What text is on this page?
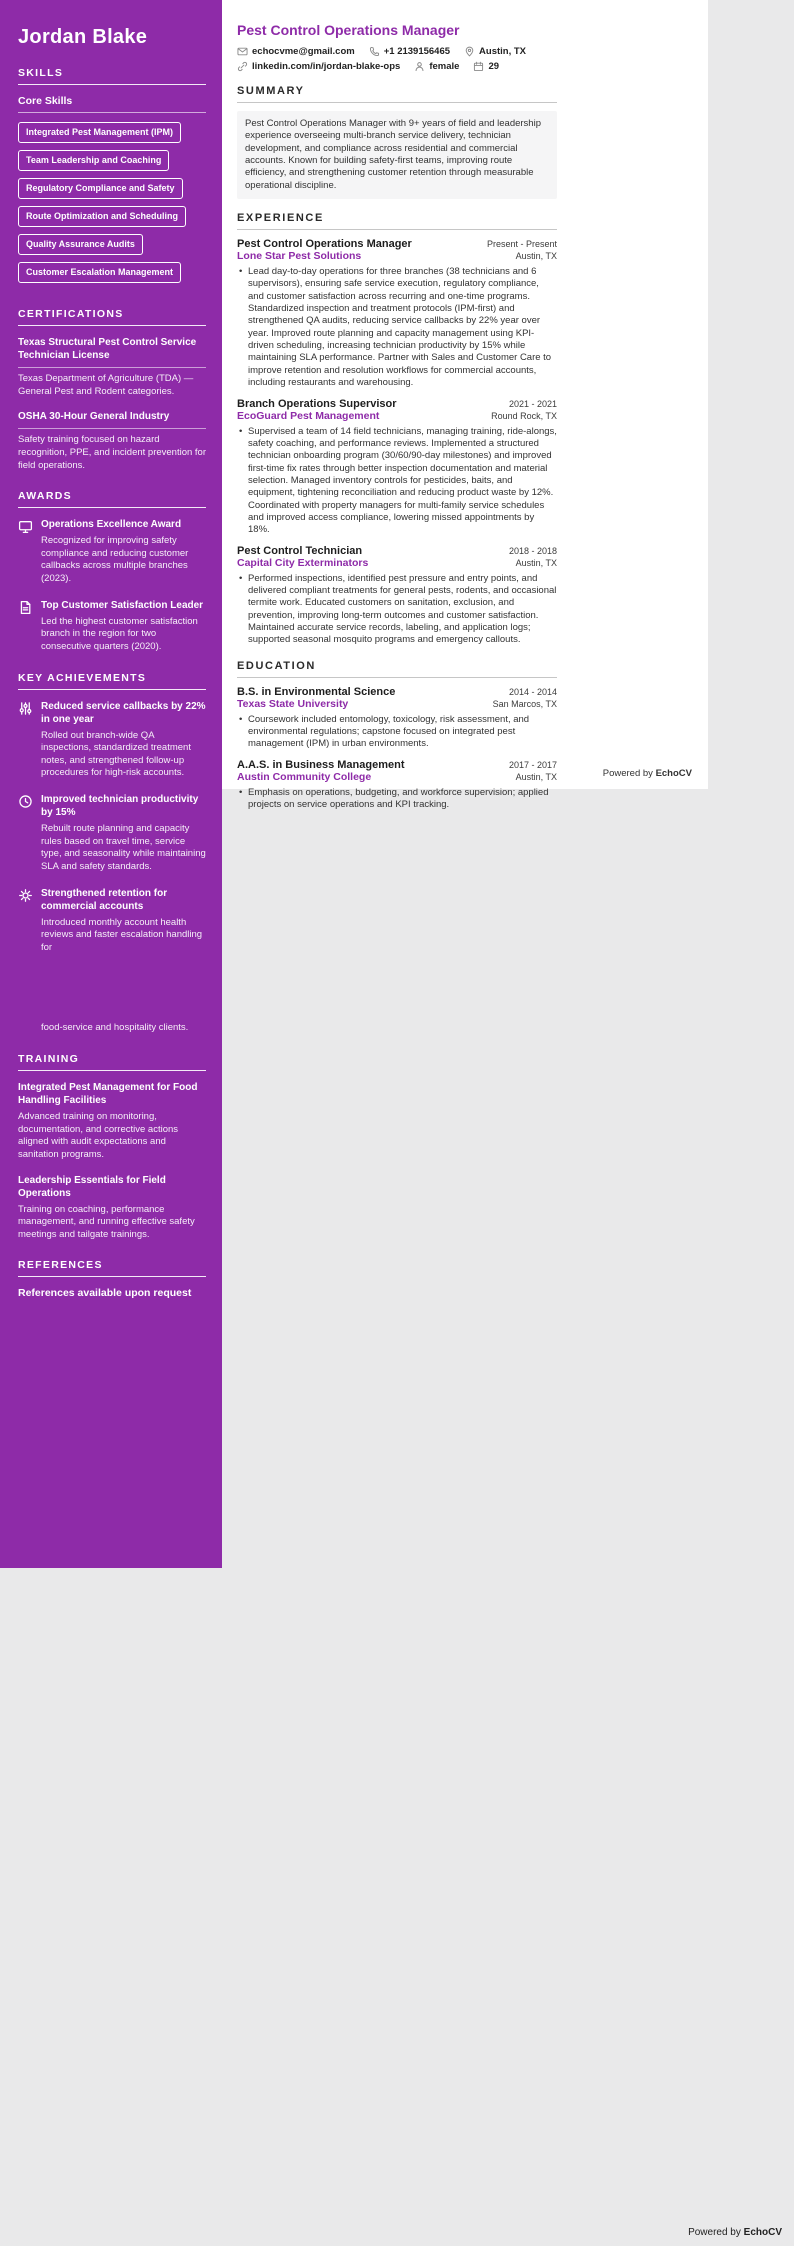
Jordan Blake
SKILLS
Core Skills
Integrated Pest Management (IPM) Team Leadership and Coaching Regulatory Compliance and Safety Route Optimization and Scheduling Quality Assurance Audits Customer Escalation Management
CERTIFICATIONS
Texas Structural Pest Control Service Technician License
Texas Department of Agriculture (TDA) — General Pest and Rodent categories.
OSHA 30-Hour General Industry
Safety training focused on hazard recognition, PPE, and incident prevention for field operations.
AWARDS
Operations Excellence Award
Recognized for improving safety compliance and reducing customer callbacks across multiple branches (2023).
Top Customer Satisfaction Leader
Led the highest customer satisfaction branch in the region for two consecutive quarters (2020).
KEY ACHIEVEMENTS
Reduced service callbacks by 22% in one year
Rolled out branch-wide QA inspections, standardized treatment notes, and strengthened follow-up procedures for high-risk accounts.
Improved technician productivity by 15%
Rebuilt route planning and capacity rules based on travel time, service type, and seasonality while maintaining SLA and safety standards.
Strengthened retention for commercial accounts
Introduced monthly account health reviews and faster escalation handling for
food-service and hospitality clients.
TRAINING
Integrated Pest Management for Food Handling Facilities
Advanced training on monitoring, documentation, and corrective actions aligned with audit expectations and sanitation programs.
Leadership Essentials for Field Operations
Training on coaching, performance management, and running effective safety meetings and tailgate trainings.
REFERENCES
References available upon request
Pest Control Operations Manager
echocvme@gmail.com	+1 2139156465	Austin, TX
linkedin.com/in/jordan-blake-ops	female	29
SUMMARY

Pest Control Operations Manager with 9+ years of field and leadership experience overseeing multi-branch service delivery, technician development, and compliance across residential and commercial accounts. Known for building safety-first teams, improving route efficiency, and strengthening customer retention through measurable operational discipline.

EXPERIENCE
Pest Control Operations Manager	Present - Present
Lone Star Pest Solutions	Austin, TX
• Lead day-to-day operations for three branches (38 technicians and 6 supervisors), ensuring safe service execution, regulatory compliance, and customer satisfaction across recurring and one-time programs. Standardized inspection and treatment protocols (IPM-first) and strengthened QA audits, reducing service callbacks by 22% year over year. Improved route planning and capacity management using KPI-driven scheduling, increasing technician productivity by 15% while maintaining SLA performance. Partner with Sales and Customer Care to improve retention and resolution workflows for commercial accounts, including restaurants and warehousing.
Branch Operations Supervisor	2021 - 2021
EcoGuard Pest Management	Round Rock, TX
• Supervised a team of 14 field technicians, managing training, ride-alongs, safety coaching, and performance reviews. Implemented a structured technician onboarding program (30/60/90-day milestones) and improved first-time fix rates through better inspection documentation and material selection. Managed inventory controls for pesticides, baits, and equipment, tightening reconciliation and reducing product waste by 12%. Coordinated with property managers for multi-family service schedules and improved access compliance, lowering missed appointments by 18%.
Pest Control Technician	2018 - 2018
Capital City Exterminators	Austin, TX
• Performed inspections, identified pest pressure and entry points, and delivered compliant treatments for general pests, rodents, and occasional termite work. Educated customers on sanitation, exclusion, and prevention, improving long-term outcomes and customer satisfaction. Maintained accurate service records, labeling, and application logs; supported seasonal mosquito programs and emergency callouts.
EDUCATION
B.S. in Environmental Science	2014 - 2014
Texas State University	San Marcos, TX
• Coursework included entomology, toxicology, risk assessment, and environmental regulations; capstone focused on integrated pest management (IPM) in urban environments.
A.A.S. in Business Management	2017 - 2017
Austin Community College	Austin, TX
• Emphasis on operations, budgeting, and workforce supervision; applied projects on service operations and KPI tracking.
Powered by EchoCV
Powered by EchoCV
